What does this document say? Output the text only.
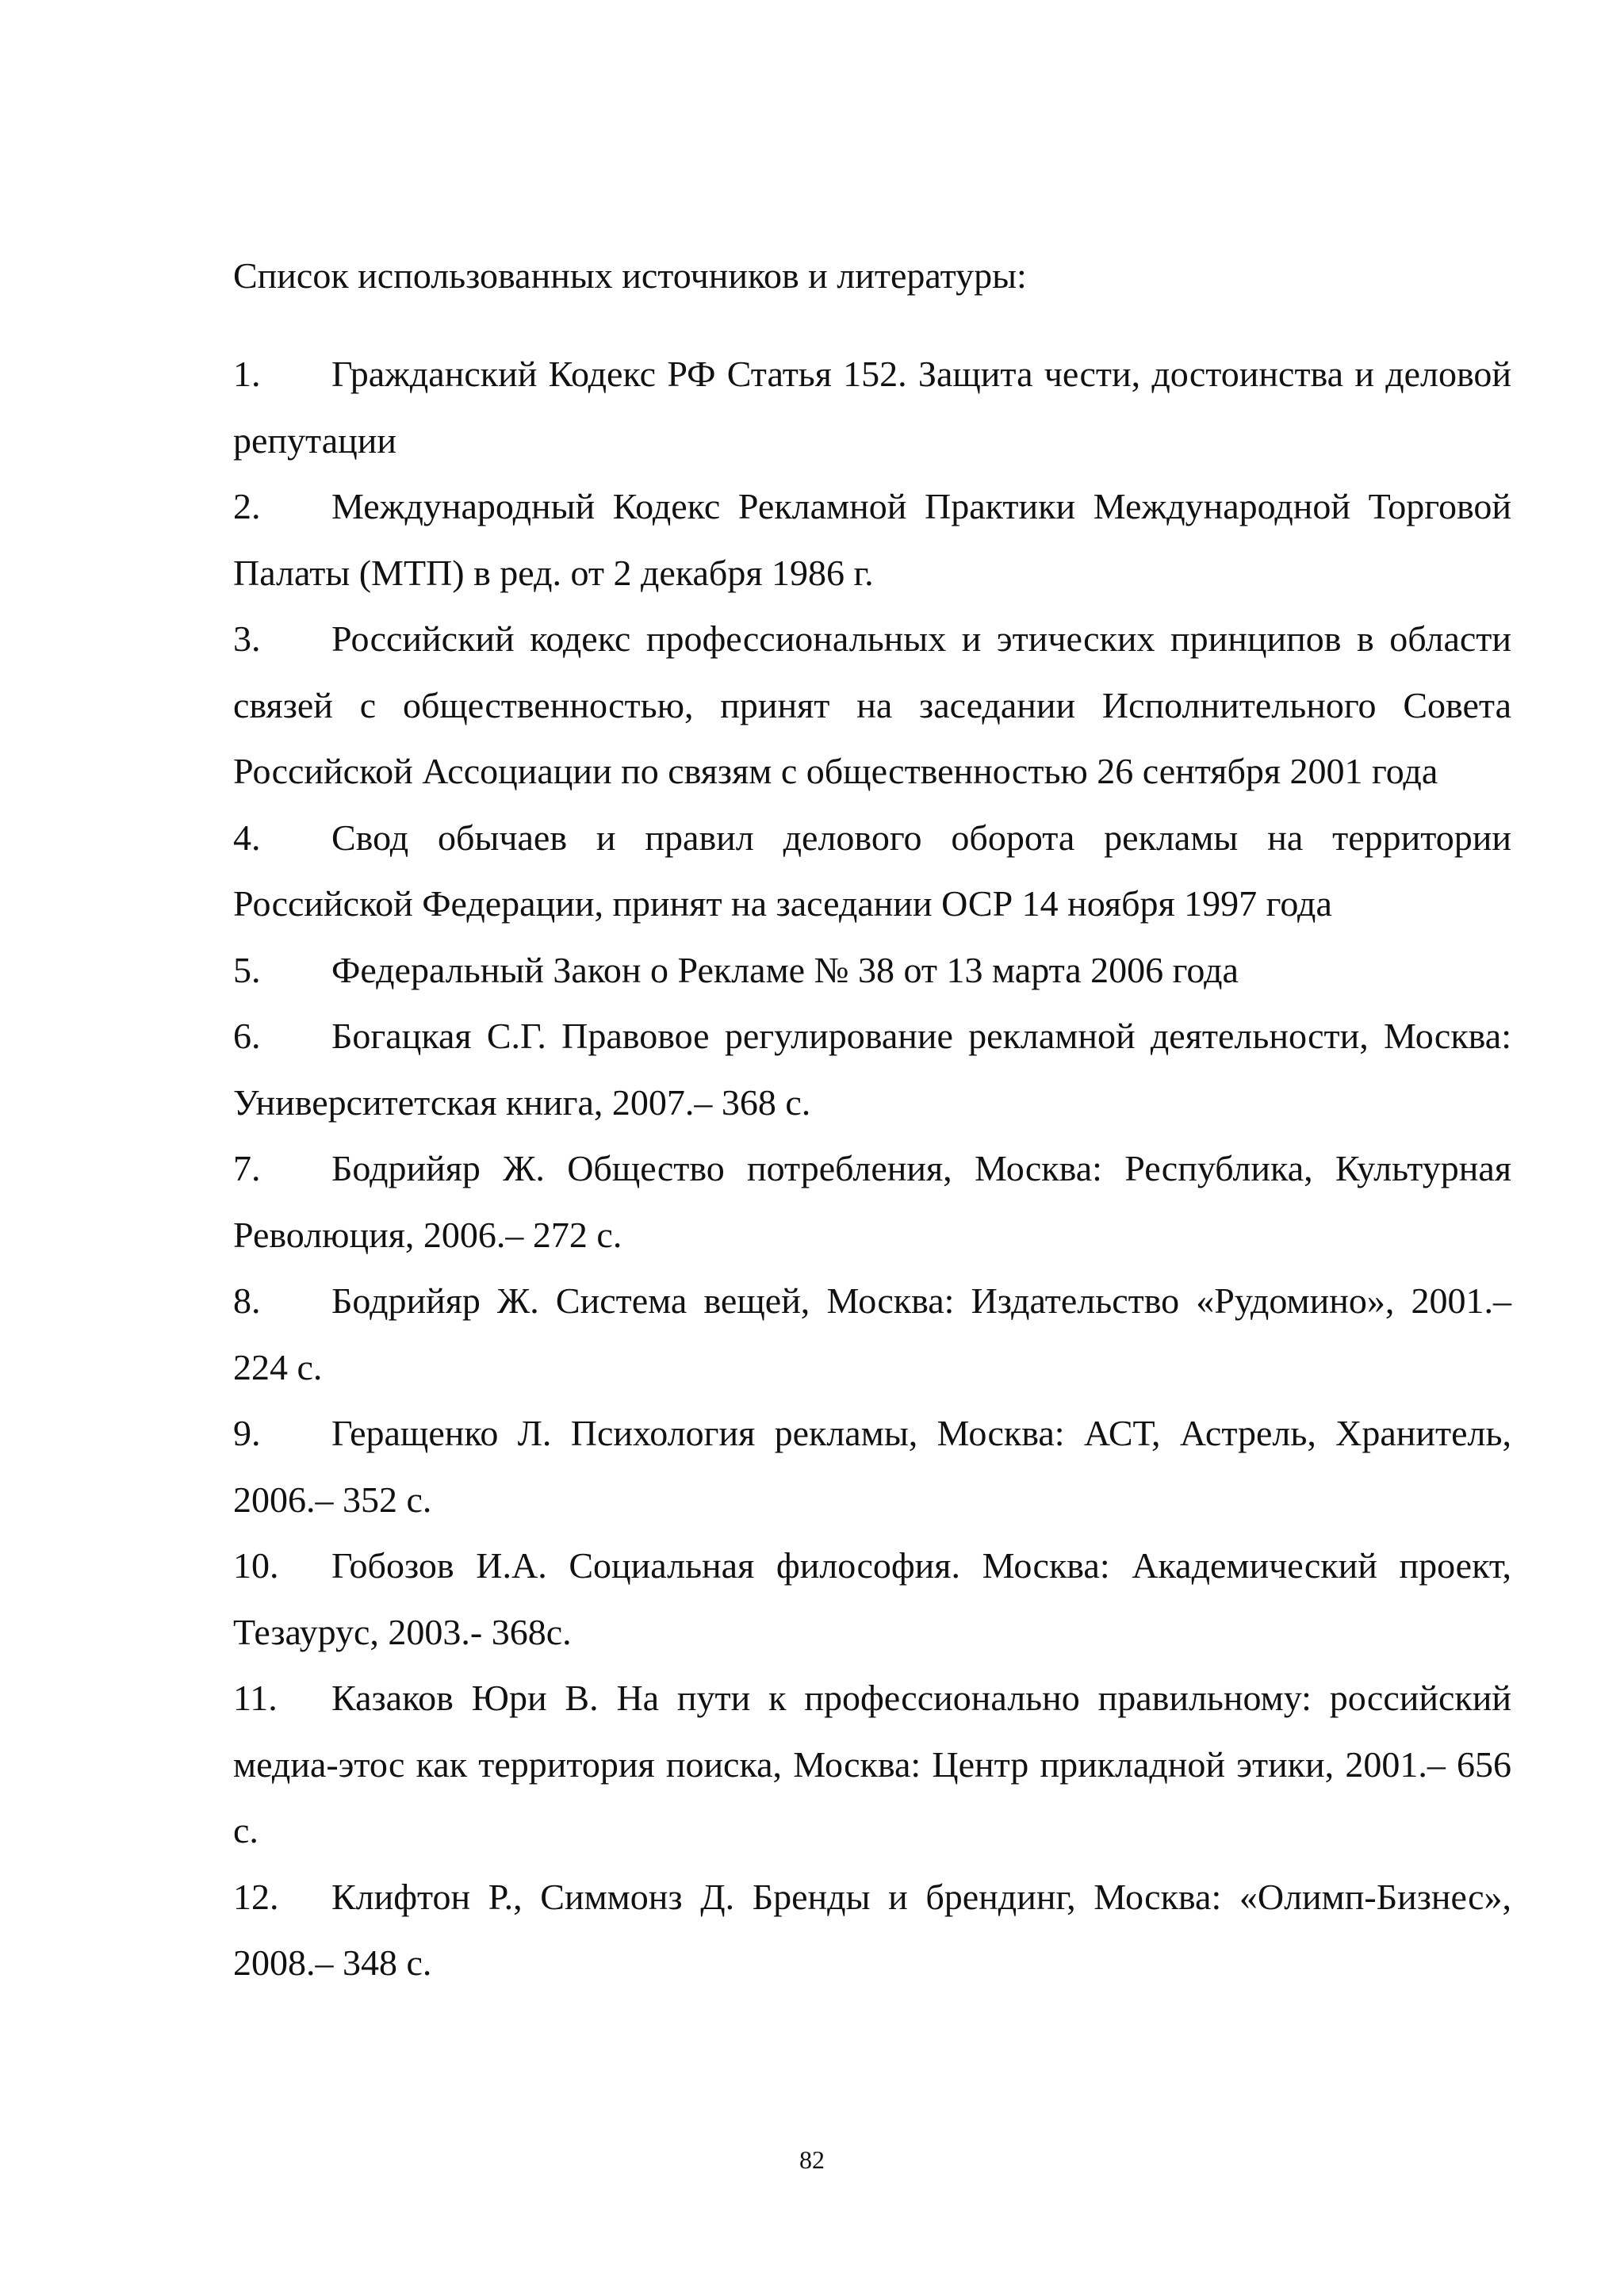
Список использованных источников и литературы:
1. Гражданский Кодекс РФ Статья 152. Защита чести, достоинства и деловой репутации
2. Международный Кодекс Рекламной Практики Международной Торговой Палаты (МТП) в ред. от 2 декабря 1986 г.
3. Российский кодекс профессиональных и этических принципов в области связей с общественностью, принят на заседании Исполнительного Совета Российской Ассоциации по связям с общественностью 26 сентября 2001 года
4. Свод обычаев и правил делового оборота рекламы на территории Российской Федерации, принят на заседании ОСР 14 ноября 1997 года
5. Федеральный Закон о Рекламе № 38 от 13 марта 2006 года
6. Богацкая С.Г. Правовое регулирование рекламной деятельности, Москва: Университетская книга, 2007.– 368 с.
7. Бодрийяр Ж. Общество потребления, Москва: Республика, Культурная Революция, 2006.– 272 с.
8. Бодрийяр Ж. Система вещей, Москва: Издательство «Рудомино», 2001.– 224 с.
9. Геращенко Л. Психология рекламы, Москва: АСТ, Астрель, Хранитель, 2006.– 352 с.
10. Гобозов И.А. Социальная философия. Москва: Академический проект, Тезаурус, 2003.- 368с.
11. Казаков Юри В. На пути к профессионально правильному: российский медиа-этос как территория поиска, Москва: Центр прикладной этики, 2001.– 656 с.
12. Клифтон Р., Симмонз Д. Бренды и брендинг, Москва: «Олимп-Бизнес», 2008.– 348 с.
82
